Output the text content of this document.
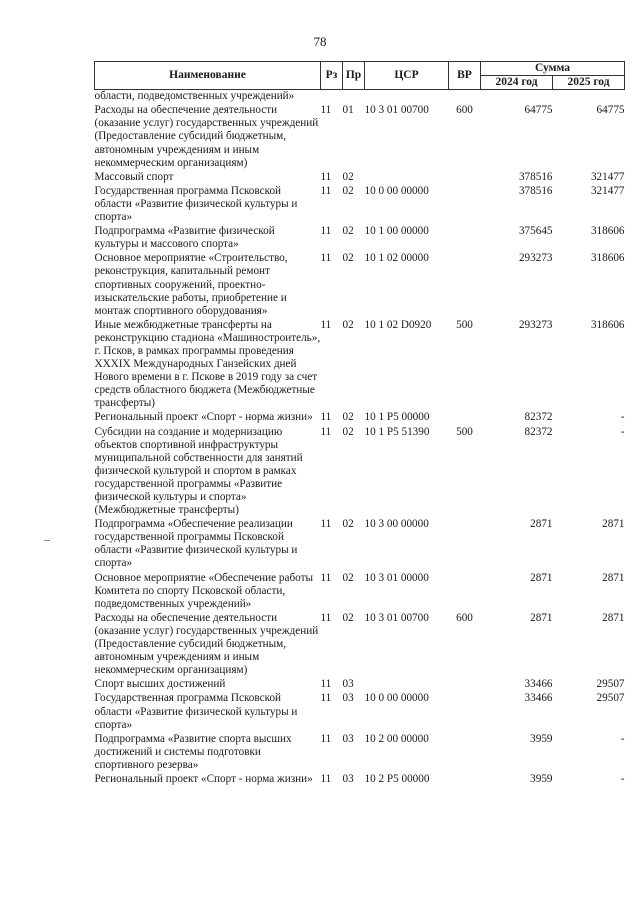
78
Наименование	Рз	Пр	ЦСР	ВР	Сумма	
					2024 год	2025 год
области, подведомственных учреждений»						
Расходы на обеспечение деятельности (оказание услуг) государственных учреждений (Предоставление субсидий бюджетным, автономным учреждениям и иным некоммерческим организациям)	11	01	10 3 01 00700	600	64775	64775
Массовый спорт	11	02			378516	321477
Государственная программа Псковской области «Развитие физической культуры и спорта»	11	02	10 0 00 00000		378516	321477
Подпрограмма «Развитие физической культуры и массового спорта»	11	02	10 1 00 00000		375645	318606
Основное мероприятие «Строительство, реконструкция, капитальный ремонт спортивных сооружений, проектно-изыскательские работы, приобретение и монтаж спортивного оборудования»	11	02	10 1 02 00000		293273	318606
Иные межбюджетные трансферты на реконструкцию стадиона «Машиностроитель», г. Псков, в рамках программы проведения XXXIX Международных Ганзейских дней Нового времени в г. Пскове в 2019 году за счет средств областного бюджета (Межбюджетные трансферты)	11	02	10 1 02 D0920	500	293273	318606
Региональный проект «Спорт - норма жизни»	11	02	10 1 P5 00000		82372	-
Субсидии на создание и модернизацию объектов спортивной инфраструктуры муниципальной собственности для занятий физической культурой и спортом в рамках государственной программы «Развитие физической культуры и спорта» (Межбюджетные трансферты)	11	02	10 1 P5 51390	500	82372	-
Подпрограмма «Обеспечение реализации государственной программы Псковской области «Развитие физической культуры и спорта»	11	02	10 3 00 00000		2871	2871
Основное мероприятие «Обеспечение работы Комитета по спорту Псковской области, подведомственных учреждений»	11	02	10 3 01 00000		2871	2871
Расходы на обеспечение деятельности (оказание услуг) государственных учреждений (Предоставление субсидий бюджетным, автономным учреждениям и иным некоммерческим организациям)	11	02	10 3 01 00700	600	2871	2871
Спорт высших достижений	11	03			33466	29507
Государственная программа Псковской области «Развитие физической культуры и спорта»	11	03	10 0 00 00000		33466	29507
Подпрограмма «Развитие спорта высших достижений и системы подготовки спортивного резерва»	11	03	10 2 00 00000		3959	-
Региональный проект «Спорт - норма жизни»	11	03	10 2 P5 00000		3959	-
